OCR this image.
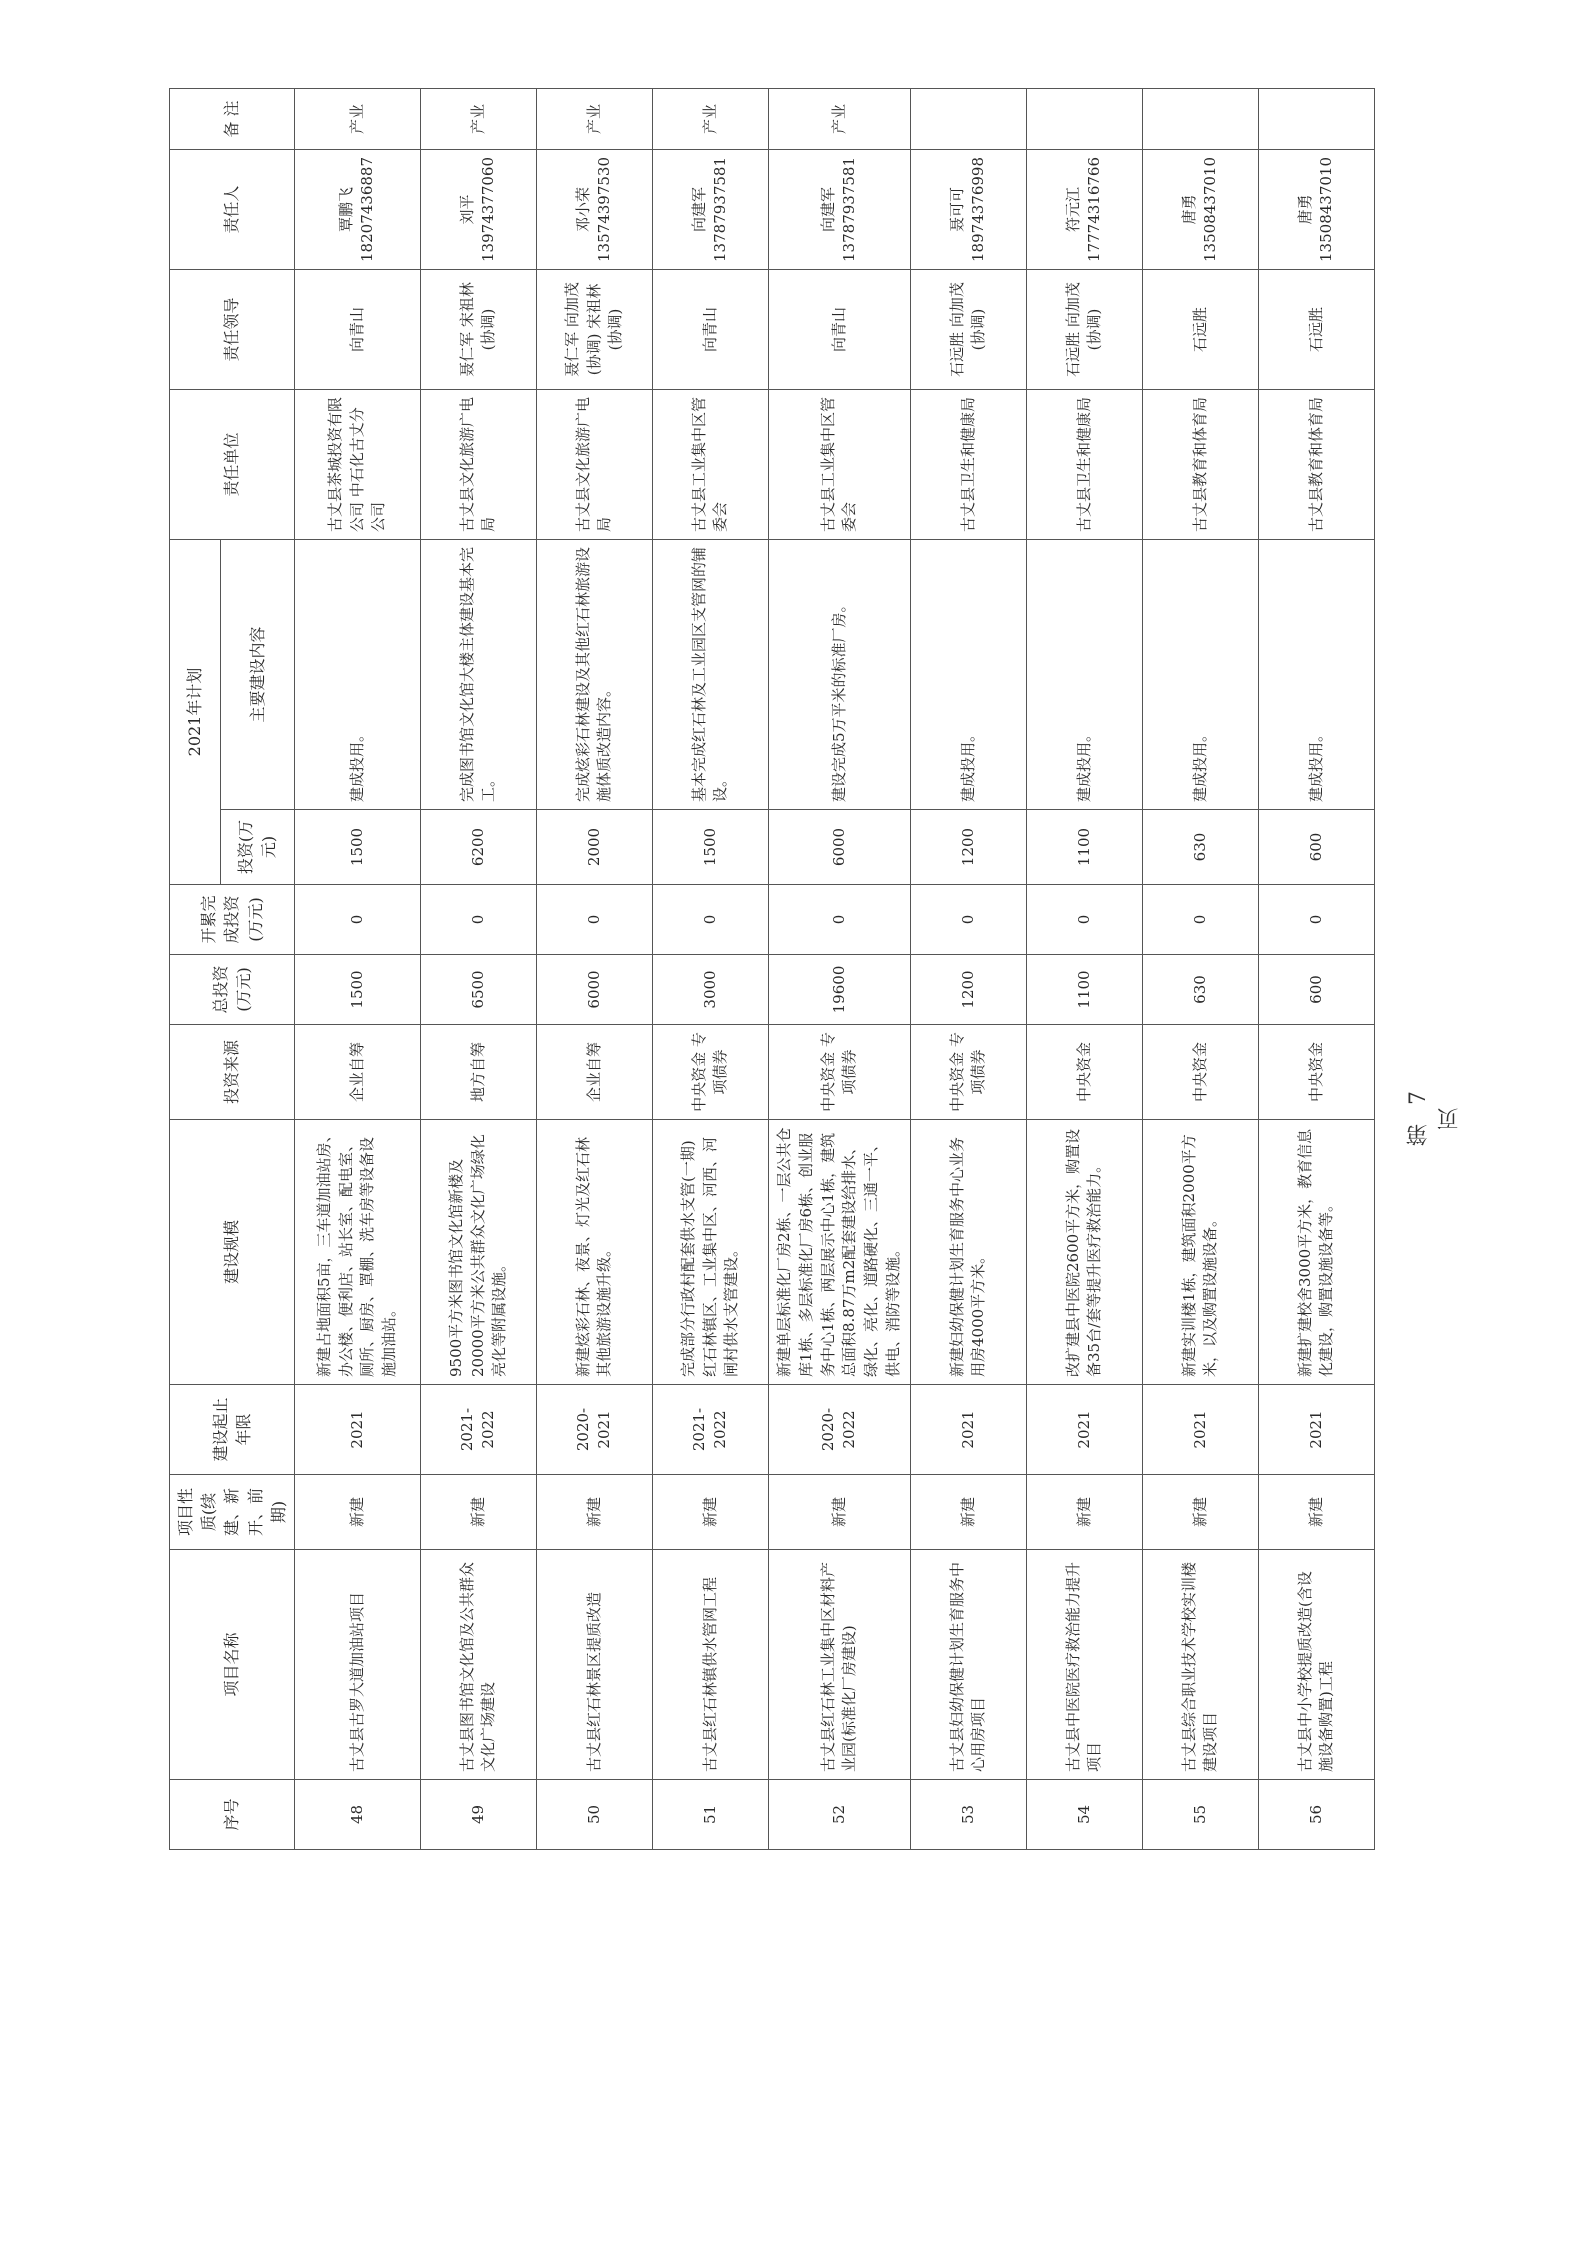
序号	项目名称	项目性质(续建、新开、前期)	建设起止年限	建设规模	投资来源	总投资(万元)	开累完成投资(万元)	2021年计划		责任单位	责任领导	责任人	备 注
								投资(万元)	主要建设内容				
48	古丈县古罗大道加油站项目	新建	2021	新建占地面积5亩，三车道加油站房、办公楼、便利店、站长室、配电室、厕所、厨房、罩棚、洗车房等设备设施加油站。	企业自筹	1500	0	1500	建成投用。	古丈县茶城投资有限公司 中石化古丈分公司	向青山	覃鹏飞 18207436887	产业
49	古丈县图书馆文化馆及公共群众文化广场建设	新建	2021-2022	9500平方米图书馆文化馆新楼及20000平方米公共群众文化广场绿化亮化等附属设施。	地方自筹	6500	0	6200	完成图书馆文化馆大楼主体建设基本完工。	古丈县文化旅游广电局	聂仁军 宋祖林(协调)	刘平 13974377060	产业
50	古丈县红石林景区提质改造	新建	2020-2021	新建炫彩石林、夜景、灯光及红石林其他旅游设施升级。	企业自筹	6000	0	2000	完成炫彩石林建设及其他红石林旅游设施体质改造内容。	古丈县文化旅游广电局	聂仁军 向加茂(协调) 宋祖林(协调)	邓小荣 13574397530	产业
51	古丈县红石林镇供水管网工程	新建	2021-2022	完成部分行政村配套供水支管(一期)红石林镇区、工业集中区、河西、河闸村供水支管建设。	中央资金 专项债券	3000	0	1500	基本完成红石林及工业园区支管网的铺设。	古丈县工业集中区管委会	向青山	向建军 13787937581	产业
52	古丈县红石林工业集中区材料产业园(标准化厂房建设)	新建	2020-2022	新建单层标准化厂房2栋、一层公共仓库1栋、多层标准化厂房6栋、创业服务中心1栋、两层展示中心1栋，建筑总面积8.87万m2配套建设给排水、绿化、亮化、道路硬化、三通一平、供电、消防等设施。	中央资金 专项债券	19600	0	6000	建设完成5万平米的标准厂房。	古丈县工业集中区管委会	向青山	向建军 13787937581	产业
53	古丈县妇幼保健计划生育服务中心用房项目	新建	2021	新建妇幼保健计划生育服务中心业务用房4000平方米。	中央资金 专项债券	1200	0	1200	建成投用。	古丈县卫生和健康局	石远胜 向加茂(协调)	聂可可 18974376998	
54	古丈县中医院医疗救治能力提升项目	新建	2021	改扩建县中医院2600平方米，购置设备35台/套等提升医疗救治能力。	中央资金	1100	0	1100	建成投用。	古丈县卫生和健康局	石远胜 向加茂(协调)	符元江 17774316766	
55	古丈县综合职业技术学校实训楼建设项目	新建	2021	新建实训楼1栋，建筑面积2000平方米，以及购置设施设备。	中央资金	630	0	630	建成投用。	古丈县教育和体育局	石远胜	唐勇 13508437010	
56	古丈县中小学校提质改造(含设施设备购置)工程	新建	2021	新建扩建校舍3000平方米，教育信息化建设，购置设施设备等。	中央资金	600	0	600	建成投用。	古丈县教育和体育局	石远胜	唐勇 13508437010	
第 7 页
